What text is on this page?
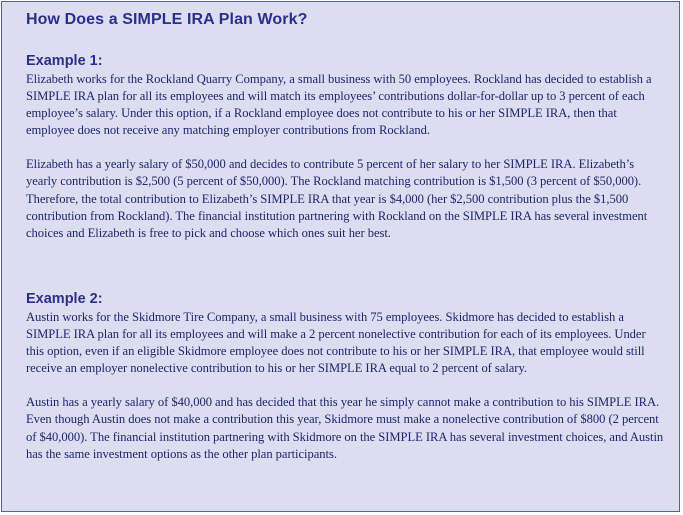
How Does a SIMPLE IRA Plan Work?
Example 1:

Elizabeth works for the Rockland Quarry Company, a small business with 50 employees. Rockland has decided to establish a SIMPLE IRA plan for all its employees and will match its employees’ contributions dollar-for-dollar up to 3 percent of each employee’s salary. Under this option, if a Rockland employee does not contribute to his or her SIMPLE IRA, then that employee does not receive any matching employer contributions from Rockland.

Elizabeth has a yearly salary of $50,000 and decides to contribute 5 percent of her salary to her SIMPLE IRA. Elizabeth’s yearly contribution is $2,500 (5 percent of $50,000). The Rockland matching contribution is $1,500 (3 percent of $50,000). Therefore, the total contribution to Elizabeth’s SIMPLE IRA that year is $4,000 (her $2,500 contribution plus the $1,500 contribution from Rockland). The financial institution partnering with Rockland on the SIMPLE IRA has several investment choices and Elizabeth is free to pick and choose which ones suit her best.

Example 2:

Austin works for the Skidmore Tire Company, a small business with 75 employees. Skidmore has decided to establish a SIMPLE IRA plan for all its employees and will make a 2 percent nonelective contribution for each of its employees. Under this option, even if an eligible Skidmore employee does not contribute to his or her SIMPLE IRA, that employee would still receive an employer nonelective contribution to his or her SIMPLE IRA equal to 2 percent of salary.

Austin has a yearly salary of $40,000 and has decided that this year he simply cannot make a contribution to his SIMPLE IRA. Even though Austin does not make a contribution this year, Skidmore must make a nonelective contribution of $800 (2 percent of $40,000). The financial institution partnering with Skidmore on the SIMPLE IRA has several investment choices, and Austin has the same investment options as the other plan participants.
